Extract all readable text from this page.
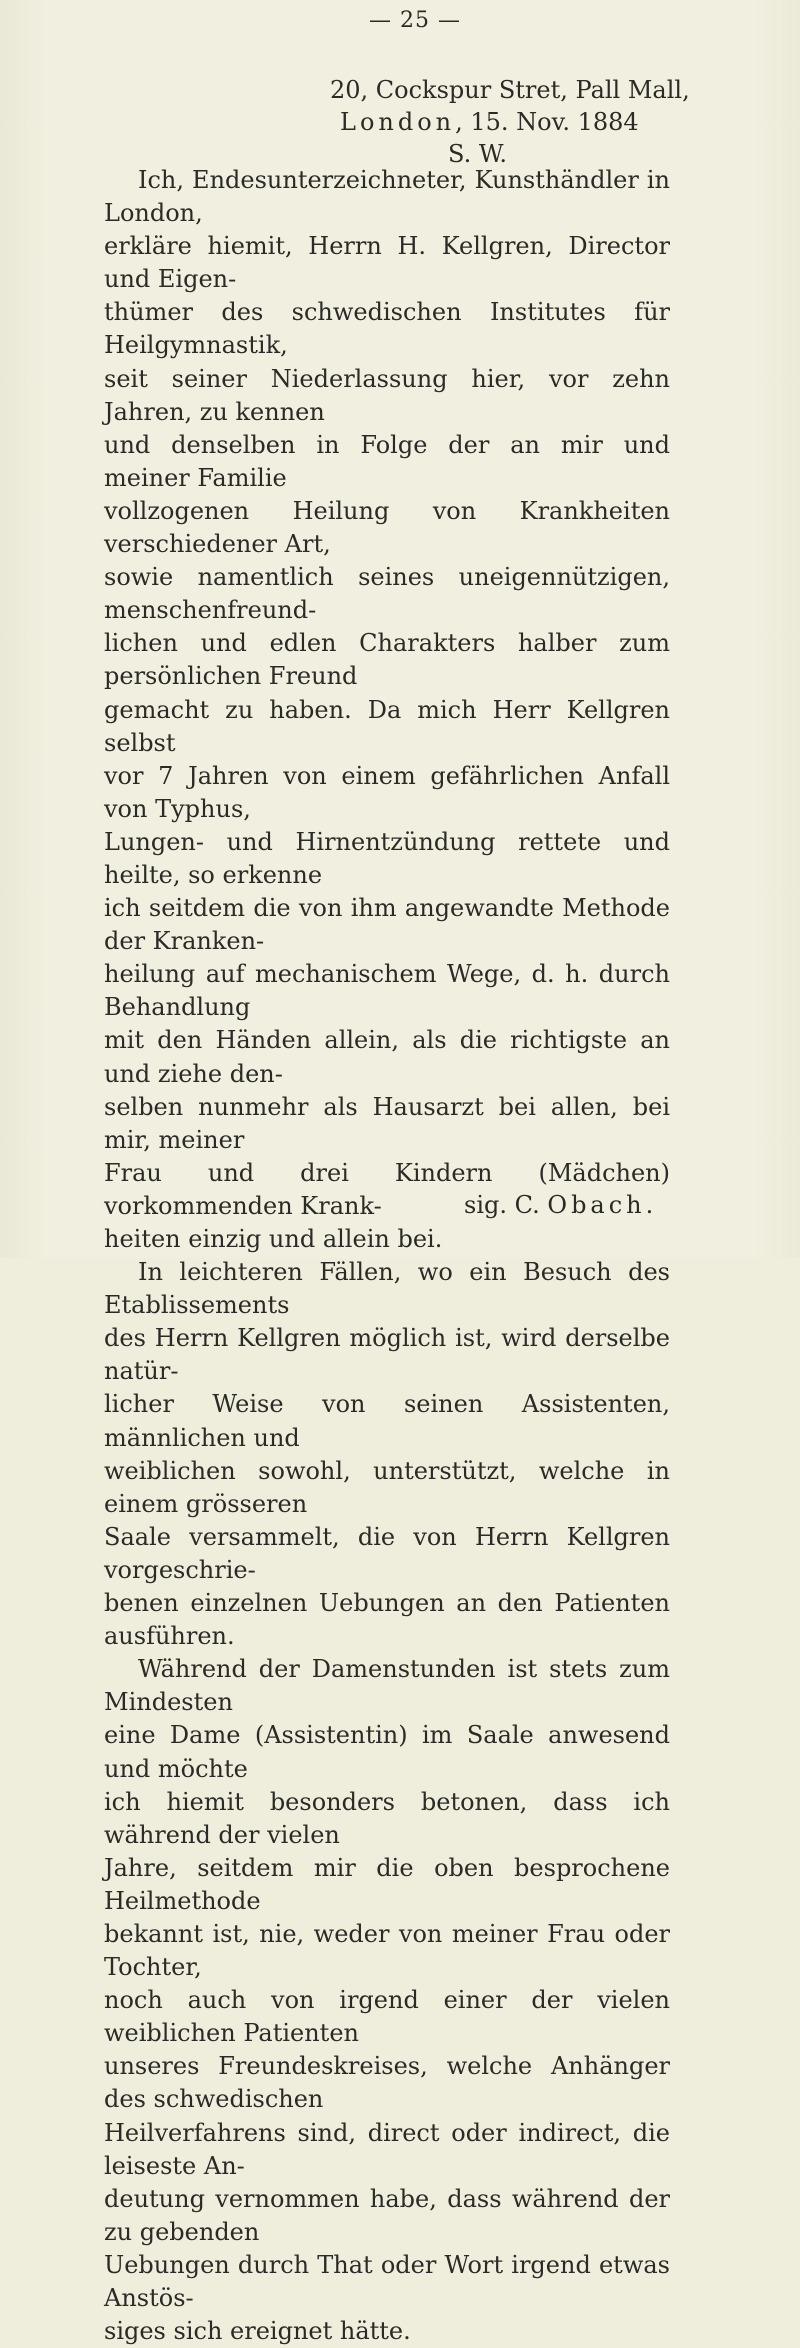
— 25 —
20, Cockspur Stret, Pall Mall,
London, 15. Nov. 1884
S. W.

Ich, Endesunterzeichneter, Kunsthändler in London,
erkläre hiemit, Herrn H. Kellgren, Director und Eigen-
thümer des schwedischen Institutes für Heilgymnastik,
seit seiner Niederlassung hier, vor zehn Jahren, zu kennen
und denselben in Folge der an mir und meiner Familie
vollzogenen Heilung von Krankheiten verschiedener Art,
sowie namentlich seines uneigennützigen, menschenfreund-
lichen und edlen Charakters halber zum persönlichen Freund
gemacht zu haben. Da mich Herr Kellgren selbst
vor 7 Jahren von einem gefährlichen Anfall von Typhus,
Lungen- und Hirnentzündung rettete und heilte, so erkenne
ich seitdem die von ihm angewandte Methode der Kranken-
heilung auf mechanischem Wege, d. h. durch Behandlung
mit den Händen allein, als die richtigste an und ziehe den-
selben nunmehr als Hausarzt bei allen, bei mir, meiner
Frau und drei Kindern (Mädchen) vorkommenden Krank-
heiten einzig und allein bei.

In leichteren Fällen, wo ein Besuch des Etablissements
des Herrn Kellgren möglich ist, wird derselbe natür-
licher Weise von seinen Assistenten, männlichen und
weiblichen sowohl, unterstützt, welche in einem grösseren
Saale versammelt, die von Herrn Kellgren vorgeschrie-
benen einzelnen Uebungen an den Patienten ausführen.

Während der Damenstunden ist stets zum Mindesten
eine Dame (Assistentin) im Saale anwesend und möchte
ich hiemit besonders betonen, dass ich während der vielen
Jahre, seitdem mir die oben besprochene Heilmethode
bekannt ist, nie, weder von meiner Frau oder Tochter,
noch auch von irgend einer der vielen weiblichen Patienten
unseres Freundeskreises, welche Anhänger des schwedischen
Heilverfahrens sind, direct oder indirect, die leiseste An-
deutung vernommen habe, dass während der zu gebenden
Uebungen durch That oder Wort irgend etwas Anstös-
siges sich ereignet hätte.

sig. C. Obach.
